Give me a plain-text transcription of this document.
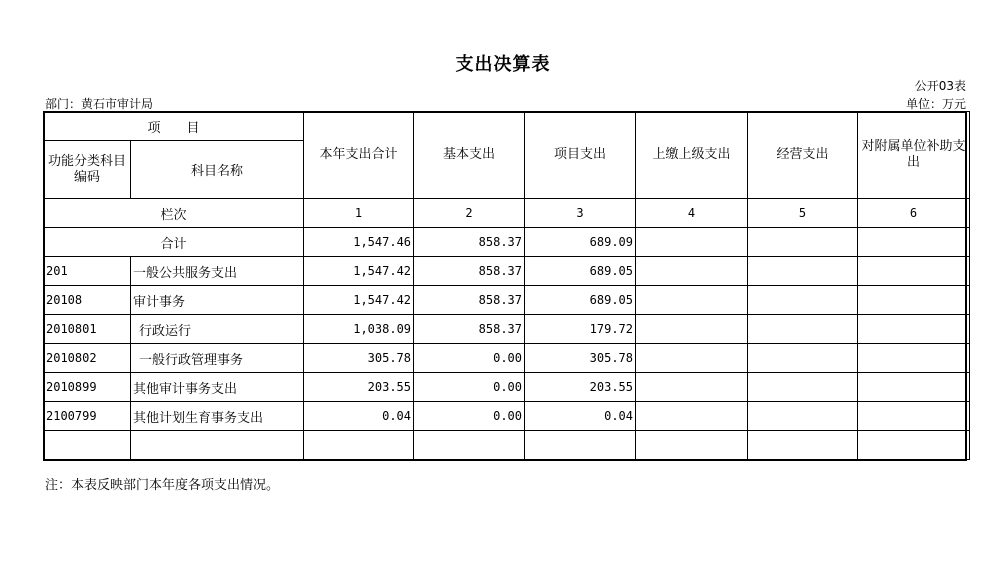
支出决算表
公开03表
部门：黄石市审计局	单位：万元
项　　目		本年支出合计	基本支出	项目支出	上缴上级支出	经营支出	对附属单位补助支出
功能分类科目编码	科目名称						
栏次		1	2	3	4	5	6
合计		1,547.46	858.37	689.09			
201	一般公共服务支出	1,547.42	858.37	689.05			
20108	审计事务	1,547.42	858.37	689.05			
2010801	行政运行	1,038.09	858.37	179.72			
2010802	一般行政管理事务	305.78	0.00	305.78			
2010899	其他审计事务支出	203.55	0.00	203.55			
2100799	其他计划生育事务支出	0.04	0.00	0.04			

注：本表反映部门本年度各项支出情况。
